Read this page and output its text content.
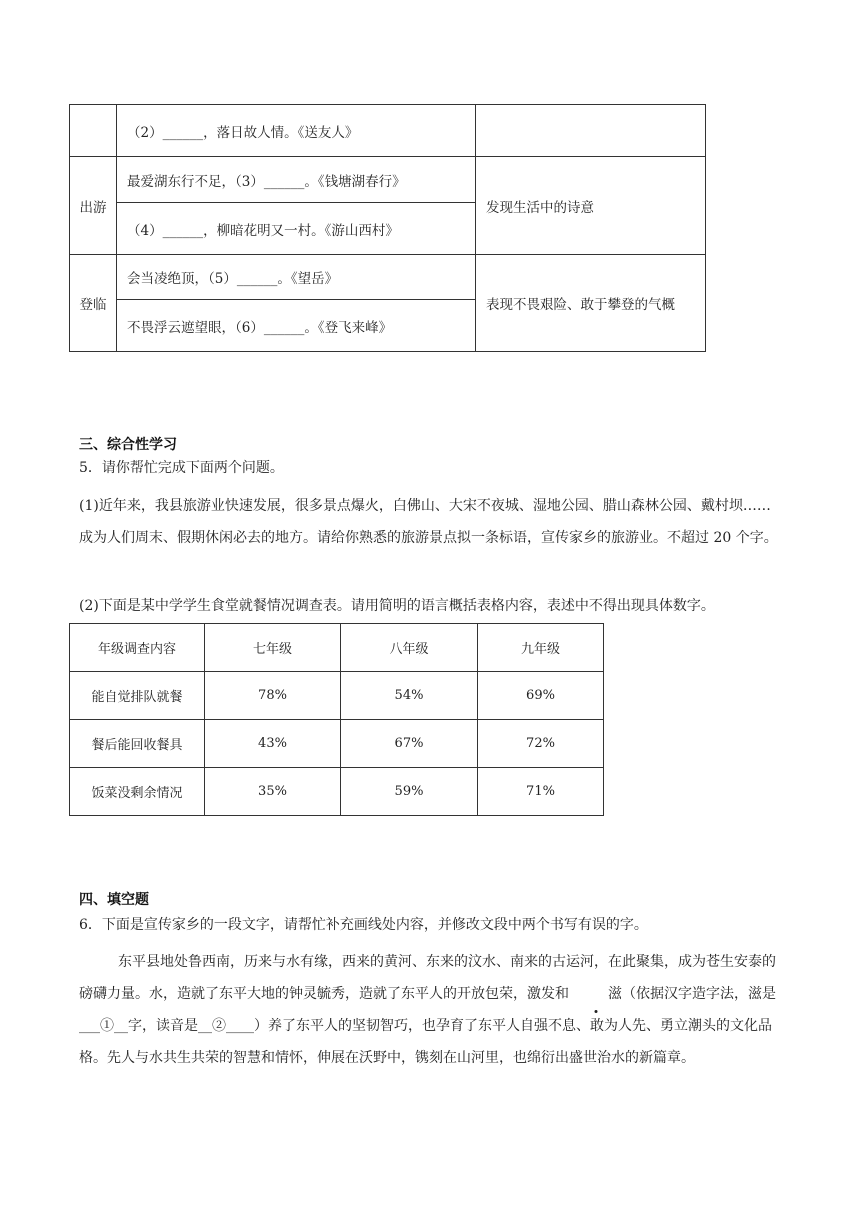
	（2）______，落日故人情。《送友人》	
出游	最爱湖东行不足，（3）______。《钱塘湖春行》	发现生活中的诗意
	（4）______，柳暗花明又一村。《游山西村》	
登临	会当凌绝顶，（5）______。《望岳》	表现不畏艰险、敢于攀登的气概
	不畏浮云遮望眼，（6）______。《登飞来峰》	
三、综合性学习
5．请你帮忙完成下面两个问题。
(1)近年来，我县旅游业快速发展，很多景点爆火，白佛山、大宋不夜城、湿地公园、腊山森林公园、戴村坝……成为人们周末、假期休闲必去的地方。请给你熟悉的旅游景点拟一条标语，宣传家乡的旅游业。不超过 20 个字。
(2)下面是某中学学生食堂就餐情况调查表。请用简明的语言概括表格内容，表述中不得出现具体数字。
年级调查内容	七年级	八年级	九年级
能自觉排队就餐	78%	54%	69%
餐后能回收餐具	43%	67%	72%
饭菜没剩余情况	35%	59%	71%
四、填空题
6．下面是宣传家乡的一段文字，请帮忙补充画线处内容，并修改文段中两个书写有误的字。
东平县地处鲁西南，历来与水有缘，西来的黄河、东来的汶水、南来的古运河，在此聚集，成为苍生安泰的磅礴力量。水，造就了东平大地的钟灵毓秀，造就了东平人的开放包荣，激发和	滋（依据汉字造字法，滋是___①__字，读音是__②____）养了东平人的坚韧智巧，也孕育了东平人自强不息、敢为人先、勇立潮头的文化品格。先人与水共生共荣的智慧和情怀，伸展在沃野中，镌刻在山河里，也绵衍出盛世治水的新篇章。
